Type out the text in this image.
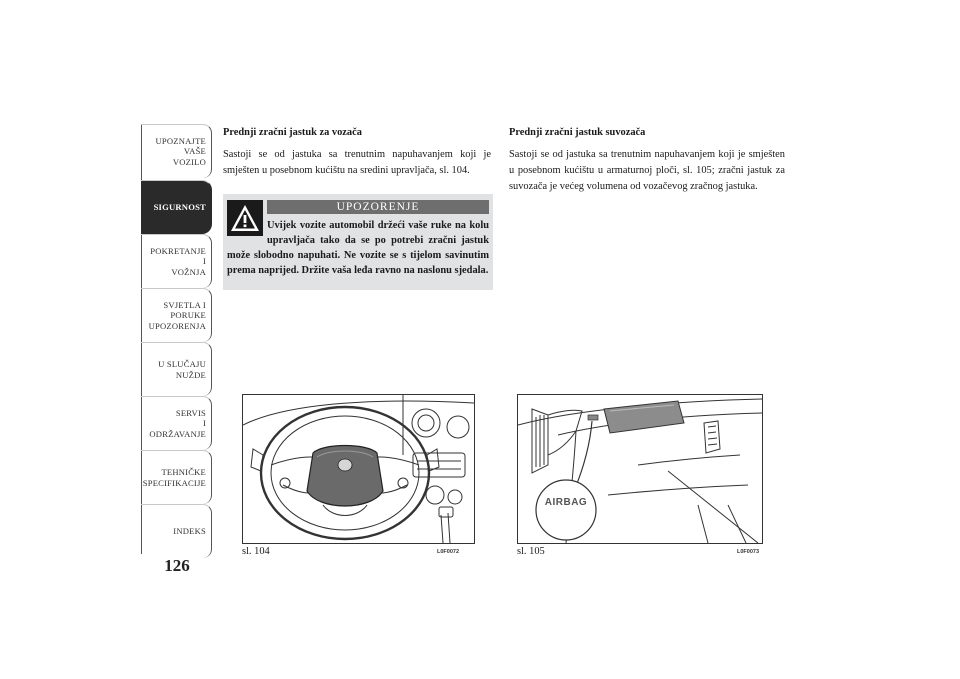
UPOZNAJTE
VAŠE
VOZILO
SIGURNOST
POKRETANJE
I
VOŽNJA
SVJETLA I
PORUKE
UPOZORENJA
U SLUČAJU
NUŽDE
SERVIS
I
ODRŽAVANJE
TEHNIČKE
SPECIFIKACIJE
INDEKS
126

Prednji zračni jastuk za vozača

Sastoji se od jastuka sa trenutnim napuhavanjem koji je smješten u posebnom kućištu na sredini upravljača, sl. 104.

UPOZORENJE
Uvijek vozite automobil držeći vaše ruke na kolu upravljača tako da se po potrebi zračni jastuk može slobodno napuhati. Ne vozite se s tijelom savinutim prema naprijed. Držite vaša leđa ravno na naslonu sjedala.

Prednji zračni jastuk suvozača

Sastoji se od jastuka sa trenutnim napuhavanjem koji je smješten u posebnom kućištu u armaturnoj ploči, sl. 105; zračni jastuk za suvozača je većeg volumena od vozačevog zračnog jastuka.

sl. 104	L0F0072
AIRBAG
sl. 105	L0F0073
